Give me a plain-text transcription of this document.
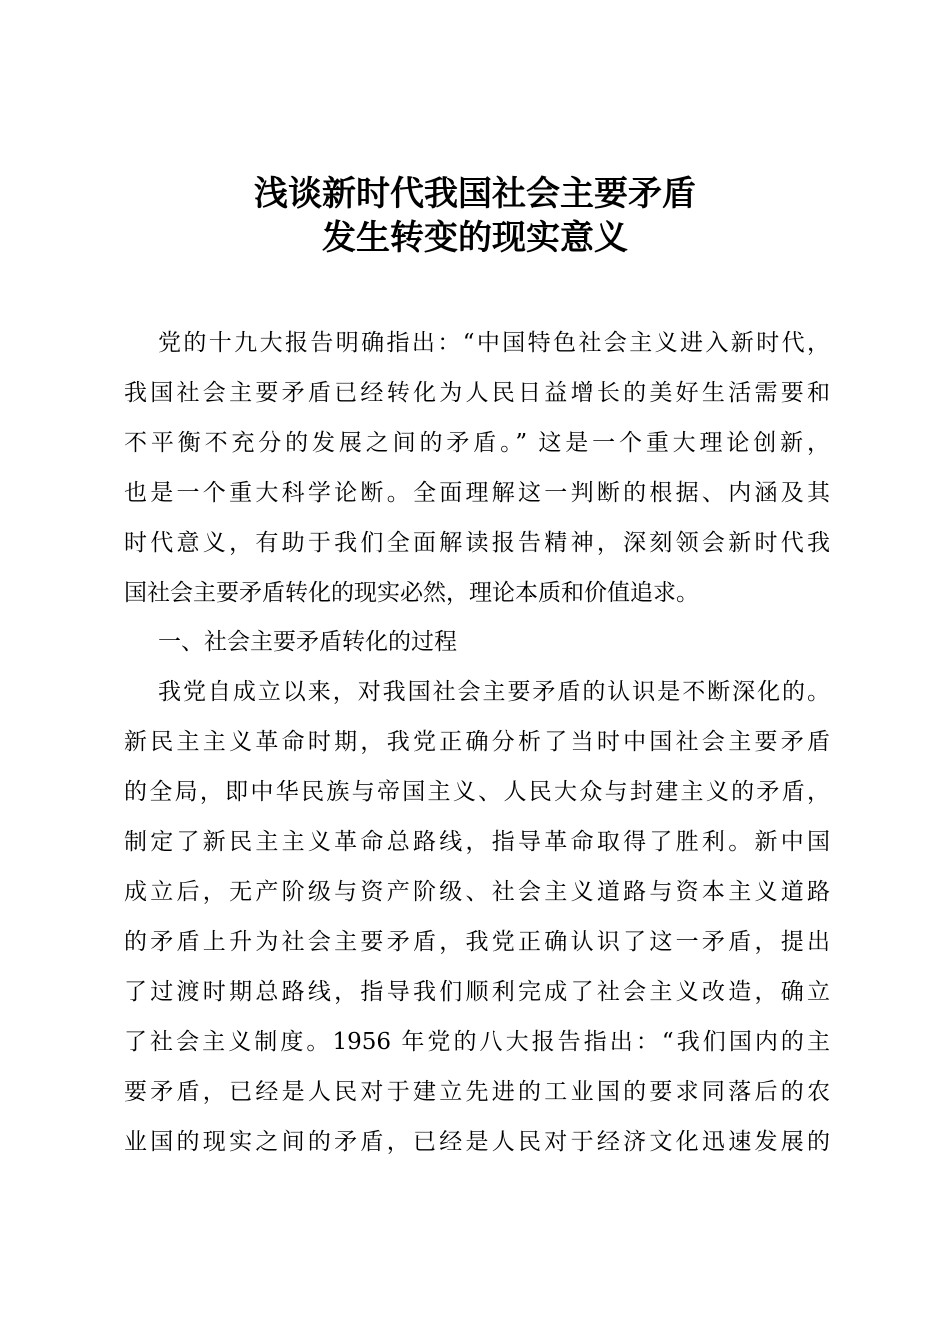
浅谈新时代我国社会主要矛盾
发生转变的现实意义
党的十九大报告明确指出：“中国特色社会主义进入新时代，
我国社会主要矛盾已经转化为人民日益增长的美好生活需要和
不平衡不充分的发展之间的矛盾。” 这是一个重大理论创新，
也是一个重大科学论断。全面理解这一判断的根据、内涵及其
时代意义，有助于我们全面解读报告精神，深刻领会新时代我
国社会主要矛盾转化的现实必然，理论本质和价值追求。
一、社会主要矛盾转化的过程
我党自成立以来，对我国社会主要矛盾的认识是不断深化的。
新民主主义革命时期，我党正确分析了当时中国社会主要矛盾
的全局，即中华民族与帝国主义、人民大众与封建主义的矛盾，
制定了新民主主义革命总路线，指导革命取得了胜利。新中国
成立后，无产阶级与资产阶级、社会主义道路与资本主义道路
的矛盾上升为社会主要矛盾，我党正确认识了这一矛盾，提出
了过渡时期总路线，指导我们顺利完成了社会主义改造，确立
了社会主义制度。1956 年党的八大报告指出：“我们国内的主
要矛盾，已经是人民对于建立先进的工业国的要求同落后的农
业国的现实之间的矛盾，已经是人民对于经济文化迅速发展的
